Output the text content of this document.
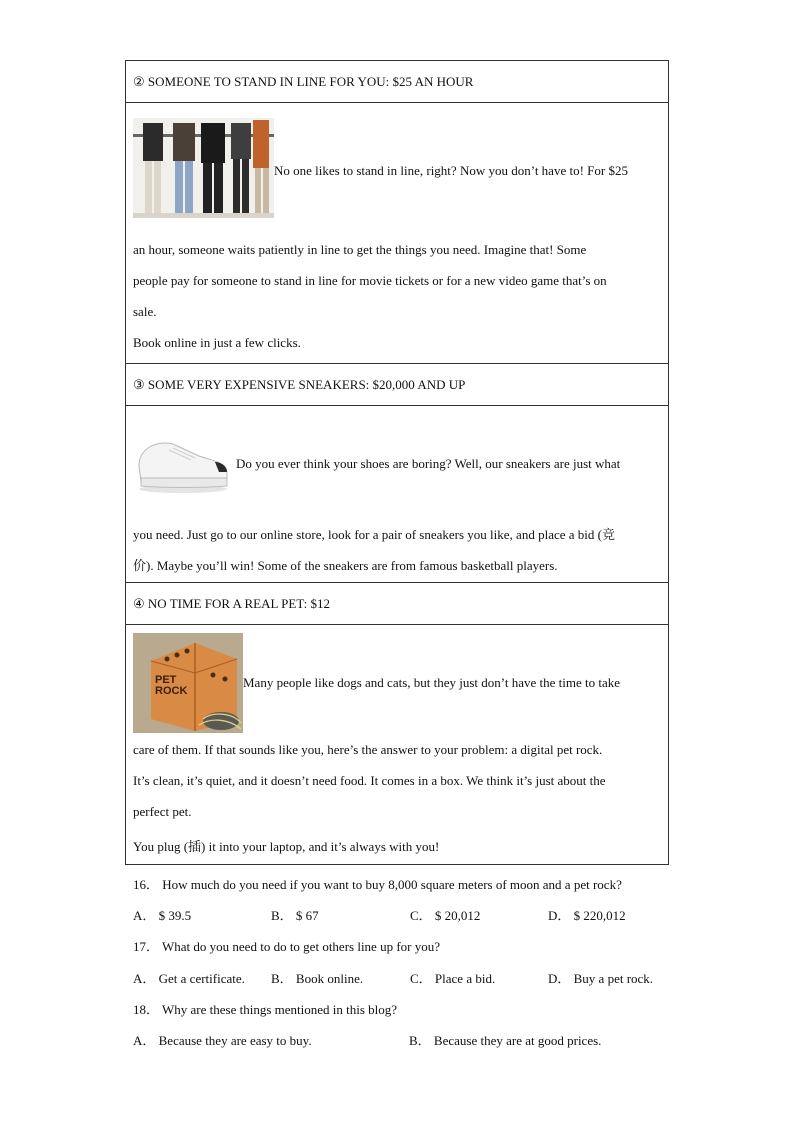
② SOMEONE TO STAND IN LINE FOR YOU: $25 AN HOUR
No one likes to stand in line, right? Now you don’t have to! For $25
an hour, someone waits patiently in line to get the things you need. Imagine that! Some
people pay for someone to stand in line for movie tickets or for a new video game that’s on
sale.
Book online in just a few clicks.
③ SOME VERY EXPENSIVE SNEAKERS: $20,000 AND UP
Do you ever think your shoes are boring? Well, our sneakers are just what
you need. Just go to our online store, look for a pair of sneakers you like, and place a bid (竞
价). Maybe you’ll win! Some of the sneakers are from famous basketball players.
④ NO TIME FOR A REAL PET: $12
PET ROCK
Many people like dogs and cats, but they just don’t have the time to take
care of them. If that sounds like you, here’s the answer to your problem: a digital pet rock.
It’s clean, it’s quiet, and it doesn’t need food. It comes in a box. We think it’s just about the
perfect pet.
You plug (插) it into your laptop, and it’s always with you!
16． How much do you need if you want to buy 8,000 square meters of moon and a pet rock?
A． $ 39.5	B． $ 67	C． $ 20,012	D． $ 220,012
17． What do you need to do to get others line up for you?
A． Get a certificate. B． Book online.	C． Place a bid.	D． Buy a pet rock.
18． Why are these things mentioned in this blog?
A． Because they are easy to buy.	B． Because they are at good prices.
